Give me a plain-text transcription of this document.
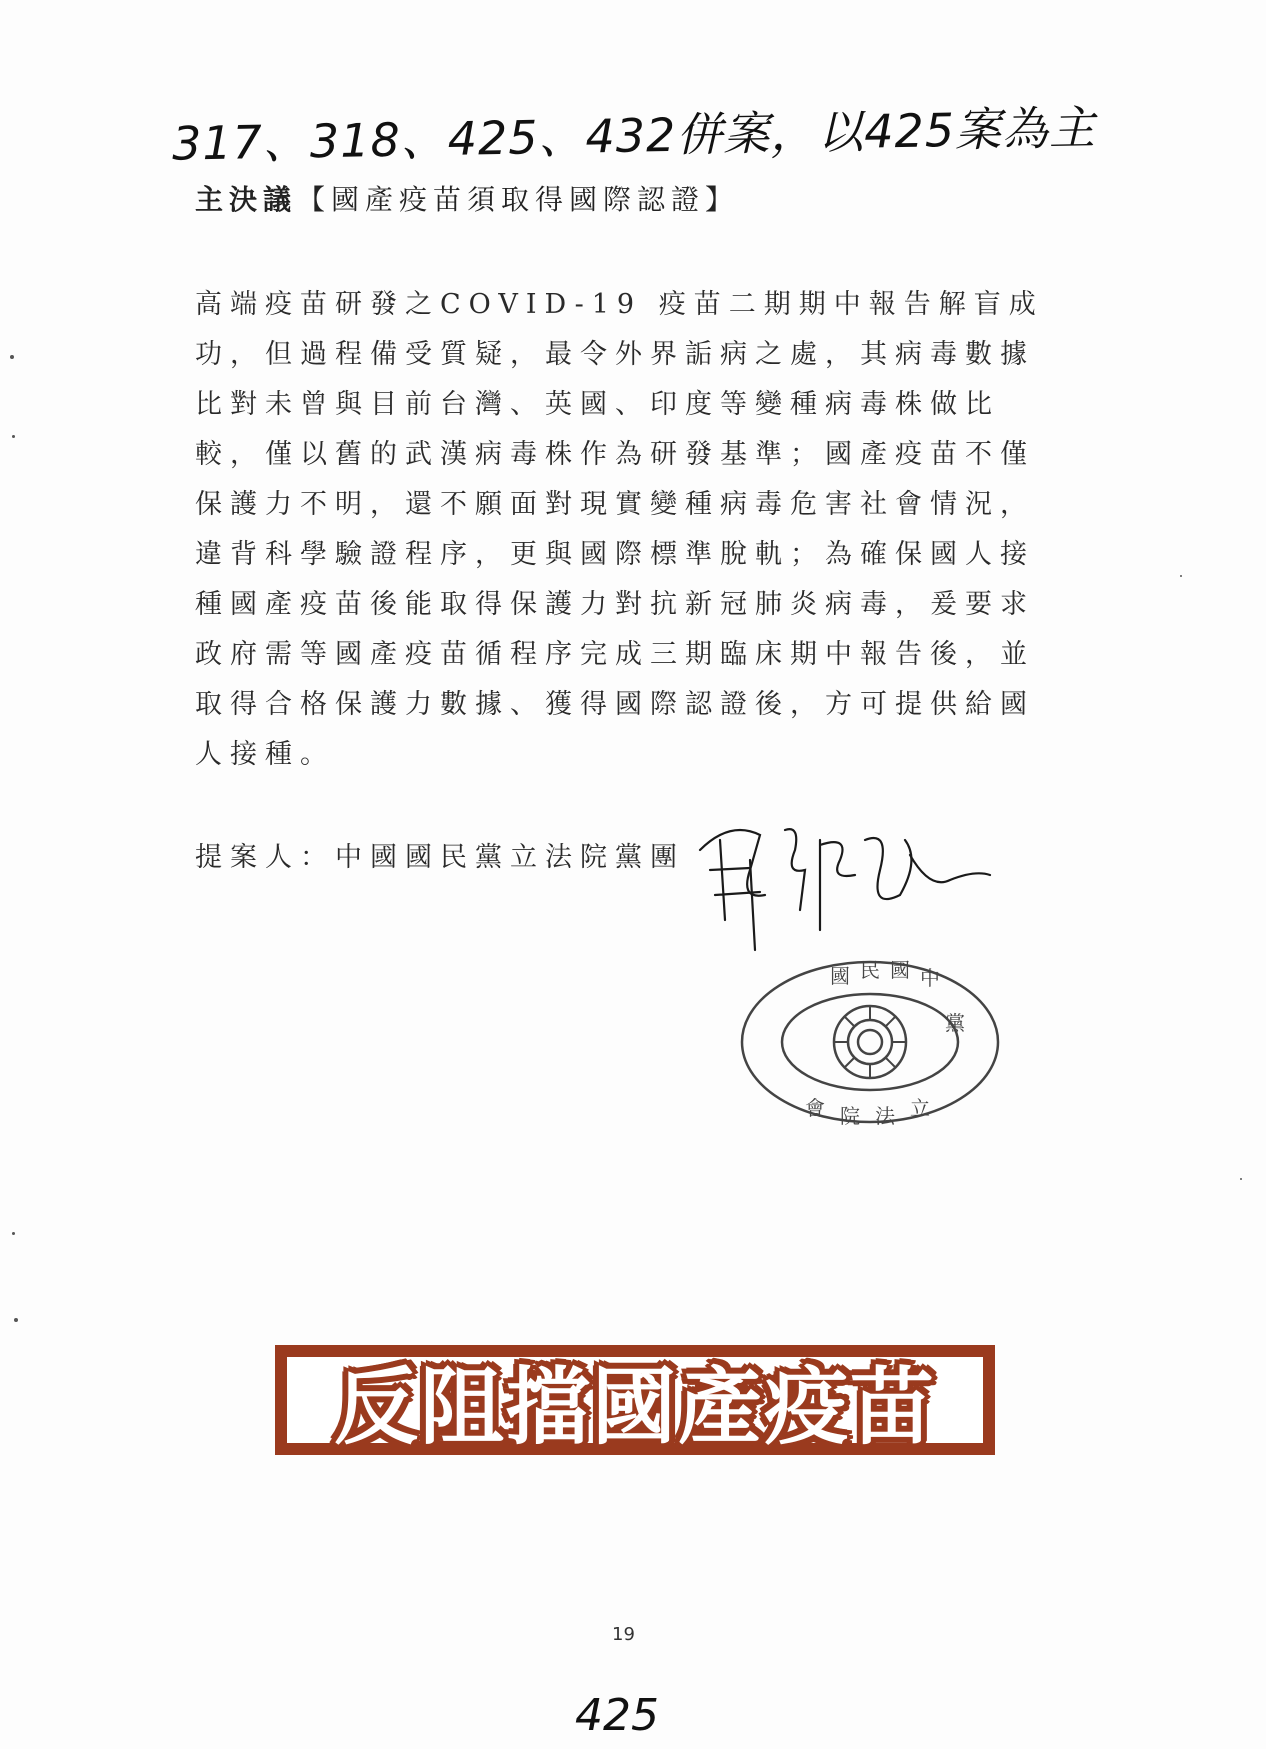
317、318、425、432併案，以425案為主
主決議【國產疫苗須取得國際認證】

高端疫苗研發之COVID-19 疫苗二期期中報告解盲成功，但過程備受質疑，最令外界詬病之處，其病毒數據比對未曾與目前台灣、英國、印度等變種病毒株做比較，僅以舊的武漢病毒株作為研發基準；國產疫苗不僅保護力不明，還不願面對現實變種病毒危害社會情況，違背科學驗證程序，更與國際標準脫軌；為確保國人接種國產疫苗後能取得保護力對抗新冠肺炎病毒，爰要求政府需等國產疫苗循程序完成三期臨床期中報告後，並取得合格保護力數據、獲得國際認證後，方可提供給國人接種。

提案人：中國國民黨立法院黨團
國 民 國 中
黨
會 院 法 立
反阻擋國產疫苗
19
425
